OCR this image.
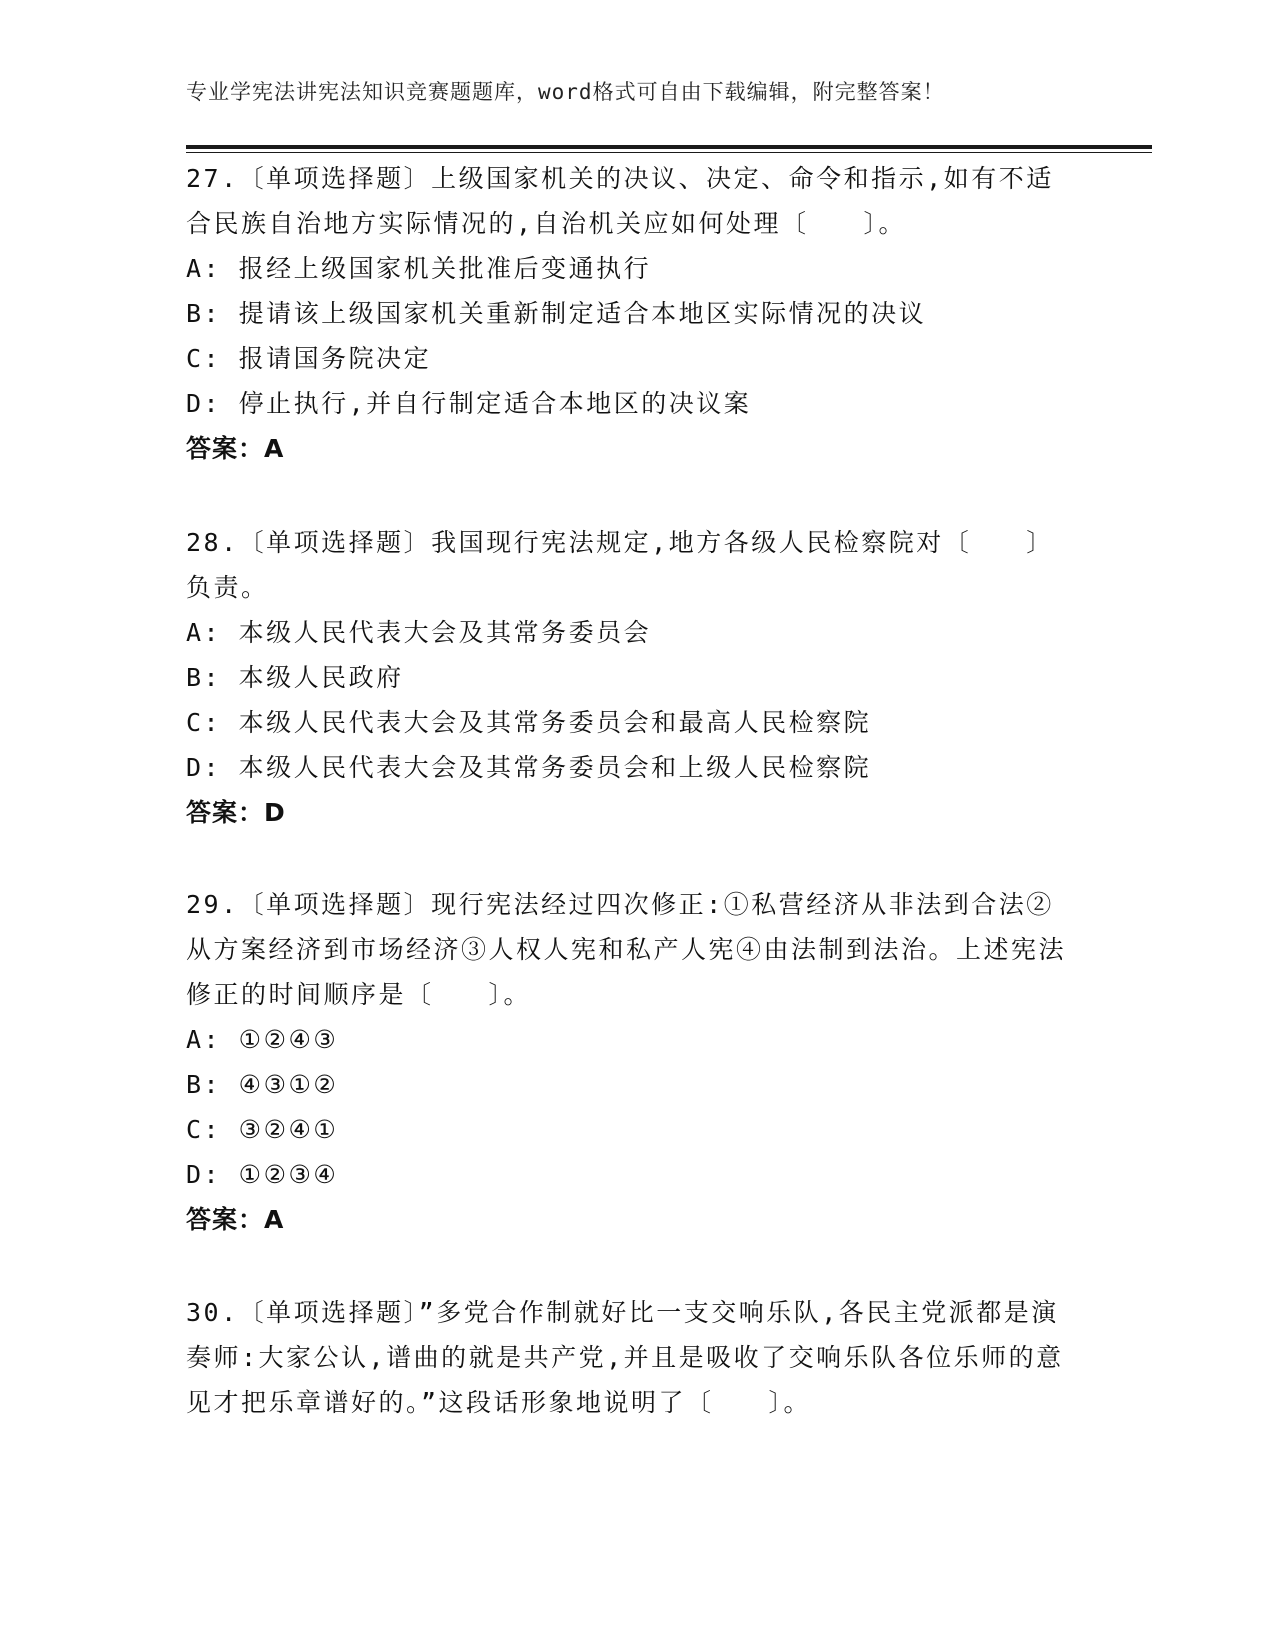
专业学宪法讲宪法知识竞赛题题库，word格式可自由下载编辑，附完整答案！

27.〔单项选择题〕上级国家机关的决议、决定、命令和指示,如有不适合民族自治地方实际情况的,自治机关应如何处理〔　　〕。

A: 报经上级国家机关批准后变通执行
B: 提请该上级国家机关重新制定适合本地区实际情况的决议
C: 报请国务院决定
D: 停止执行,并自行制定适合本地区的决议案
答案：A

28.〔单项选择题〕我国现行宪法规定,地方各级人民检察院对〔　　〕负责。

A: 本级人民代表大会及其常务委员会
B: 本级人民政府
C: 本级人民代表大会及其常务委员会和最高人民检察院
D: 本级人民代表大会及其常务委员会和上级人民检察院
答案：D

29.〔单项选择题〕现行宪法经过四次修正:①私营经济从非法到合法②从方案经济到市场经济③人权人宪和私产人宪④由法制到法治。上述宪法修正的时间顺序是〔　　〕。

A: ①②④③
B: ④③①②
C: ③②④①
D: ①②③④
答案：A

30.〔单项选择题〕”多党合作制就好比一支交响乐队,各民主党派都是演奏师:大家公认,谱曲的就是共产党,并且是吸收了交响乐队各位乐师的意见才把乐章谱好的。”这段话形象地说明了〔　　〕。
